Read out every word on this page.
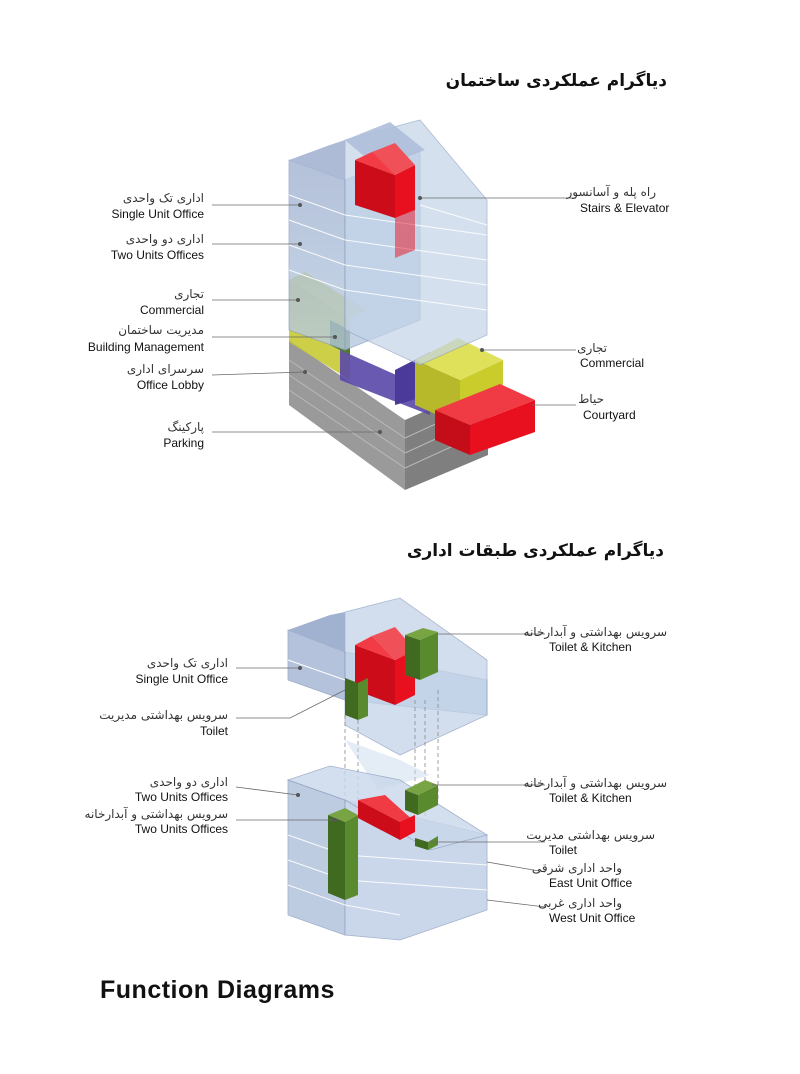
دیاگرام عملکردی ساختمان
اداری تک واحدی
Single Unit Office
اداری دو واحدی
Two Units Offices
تجاری
Commercial
مدیریت ساختمان
Building Management
سرسرای اداری
Office Lobby
پارکینگ
Parking
راه پله و آسانسور
Stairs & Elevator
تجاری
Commercial
حیاط
Courtyard
دیاگرام عملکردی طبقات اداری
اداری تک واحدی
Single Unit Office
سرویس بهداشتی مدیریت
Toilet
اداری دو واحدی
Two Units Offices
سرویس بهداشتی و آبدارخانه
Two Units Offices
سرویس بهداشتی و آبدارخانه
Toilet & Kitchen
سرویس بهداشتی و آبدارخانه
Toilet & Kitchen
سرویس بهداشتی مدیریت
Toilet
واحد اداری شرقی
East Unit Office
واحد اداری غربی
West Unit Office
Function Diagrams
